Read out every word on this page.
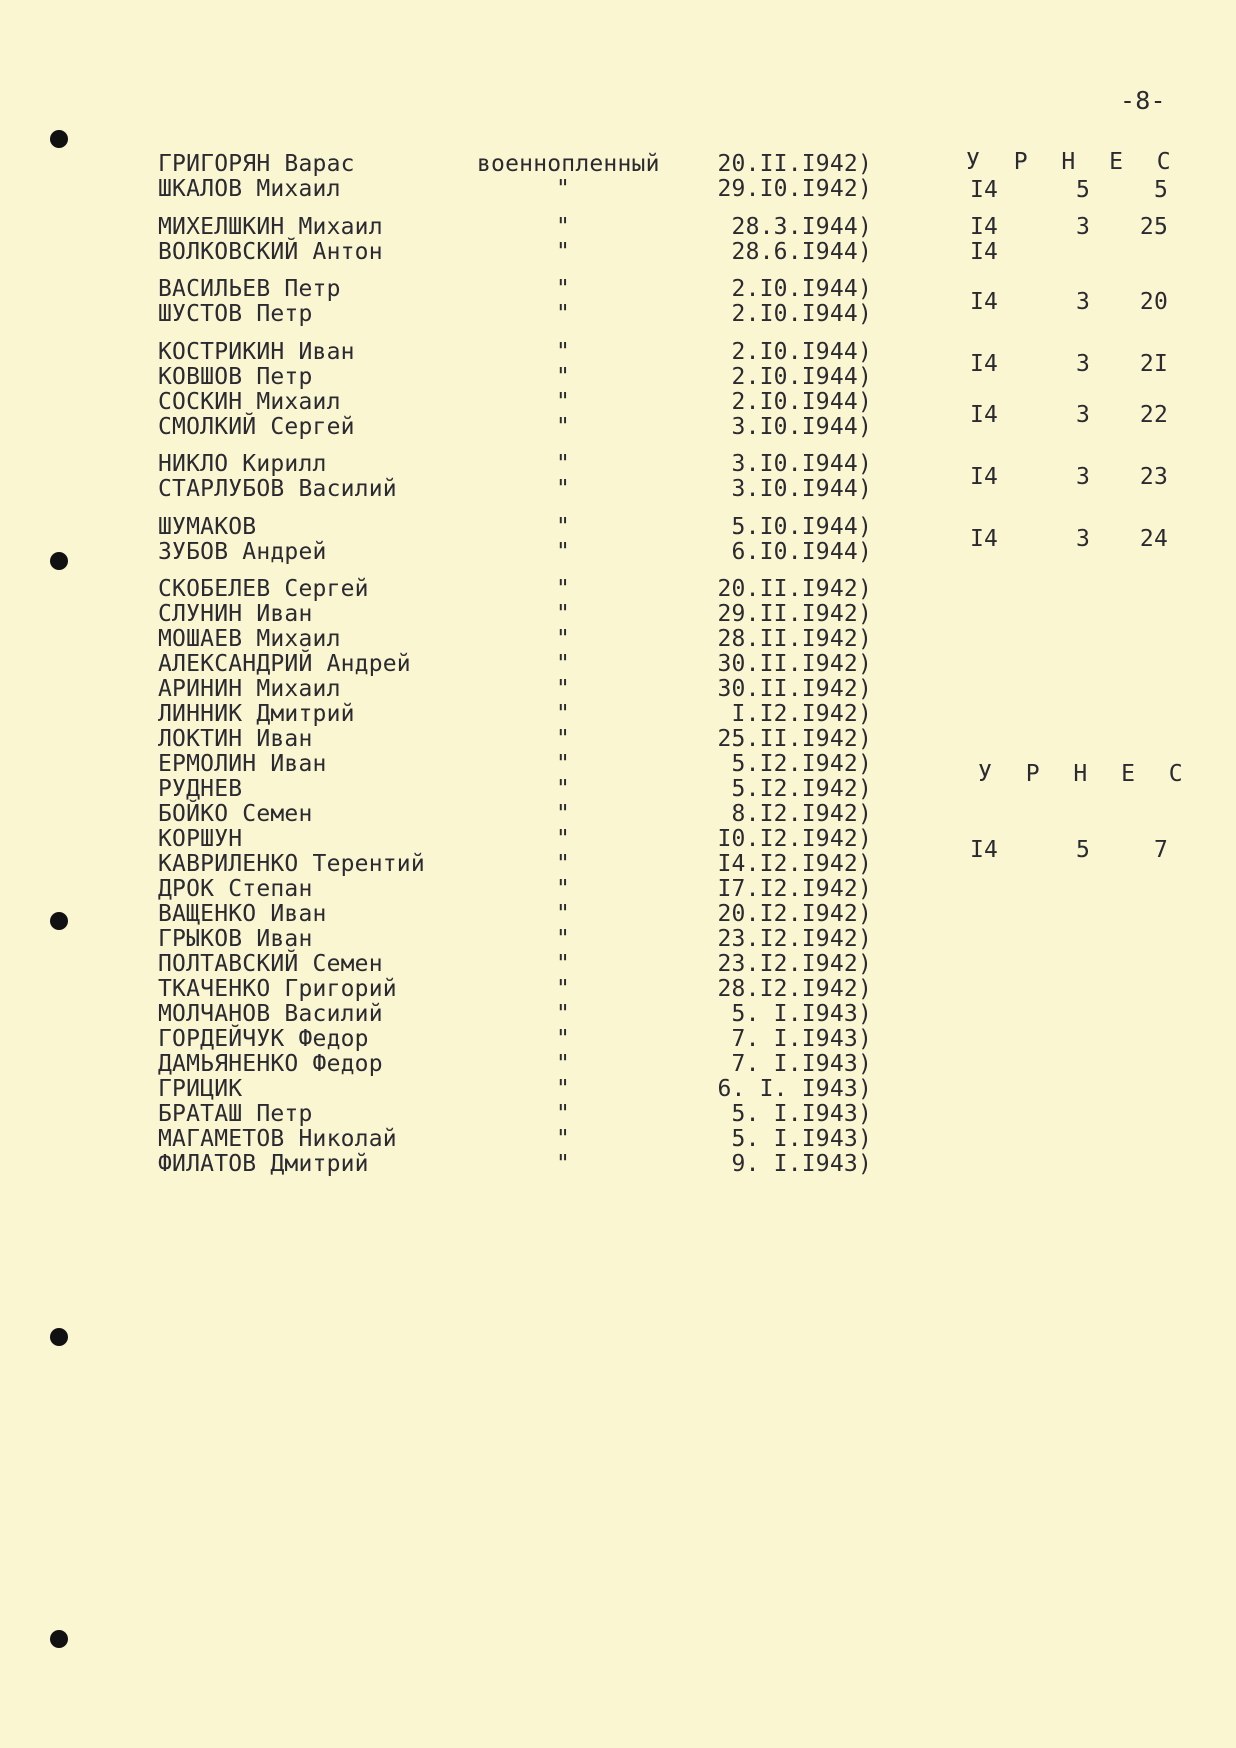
-8-
ГРИГОРЯН Варас	военнопленный	20.II.I942)
ШКАЛОВ Михаил	"	29.I0.I942)
МИХЕЛШКИН Михаил	"	28.3.I944)
ВОЛКОВСКИЙ Антон	"	28.6.I944)
ВАСИЛЬЕВ Петр	"	2.I0.I944)
ШУСТОВ Петр	"	2.I0.I944)
КОСТРИКИН Иван	"	2.I0.I944)
КОВШОВ Петр	"	2.I0.I944)
СОСКИН Михаил	"	2.I0.I944)
СМОЛКИЙ Сергей	"	3.I0.I944)
НИКЛО Кирилл	"	3.I0.I944)
СТАРЛУБОВ Василий	"	3.I0.I944)
ШУМАКОВ	"	5.I0.I944)
ЗУБОВ Андрей	"	6.I0.I944)
СКОБЕЛЕВ Сергей	"	20.II.I942)
СЛУНИН Иван	"	29.II.I942)
МОШАЕВ Михаил	"	28.II.I942)
АЛЕКСАНДРИЙ Андрей	"	30.II.I942)
АРИНИН Михаил	"	30.II.I942)
ЛИННИК Дмитрий	"	I.I2.I942)
ЛОКТИН Иван	"	25.II.I942)
ЕРМОЛИН Иван	"	5.I2.I942)
РУДНЕВ	"	5.I2.I942)
БОЙКО Семен	"	8.I2.I942)
КОРШУН	"	I0.I2.I942)
КАВРИЛЕНКО Терентий	"	I4.I2.I942)
ДРОК Степан	"	I7.I2.I942)
ВАЩЕНКО Иван	"	20.I2.I942)
ГРЫКОВ Иван	"	23.I2.I942)
ПОЛТАВСКИЙ Семен	"	23.I2.I942)
ТКАЧЕНКО Григорий	"	28.I2.I942)
МОЛЧАНОВ Василий	"	5. I.I943)
ГОРДЕЙЧУК Федор	"	7. I.I943)
ДАМЬЯНЕНКО Федор	"	7. I.I943)
ГРИЦИК	"	6. I. I943)
БРАТАШ Петр	"	5. I.I943)
МАГАМЕТОВ Николай	"	5. I.I943)
ФИЛАТОВ Дмитрий	"	9. I.I943)
У Р Н Е С
У Р Н Е С
I4	5	5
I4	3 25
I4
I4	3 20
I4	3 2I
I4	3 22
I4	3 23
I4	3 24
I4	5	7
